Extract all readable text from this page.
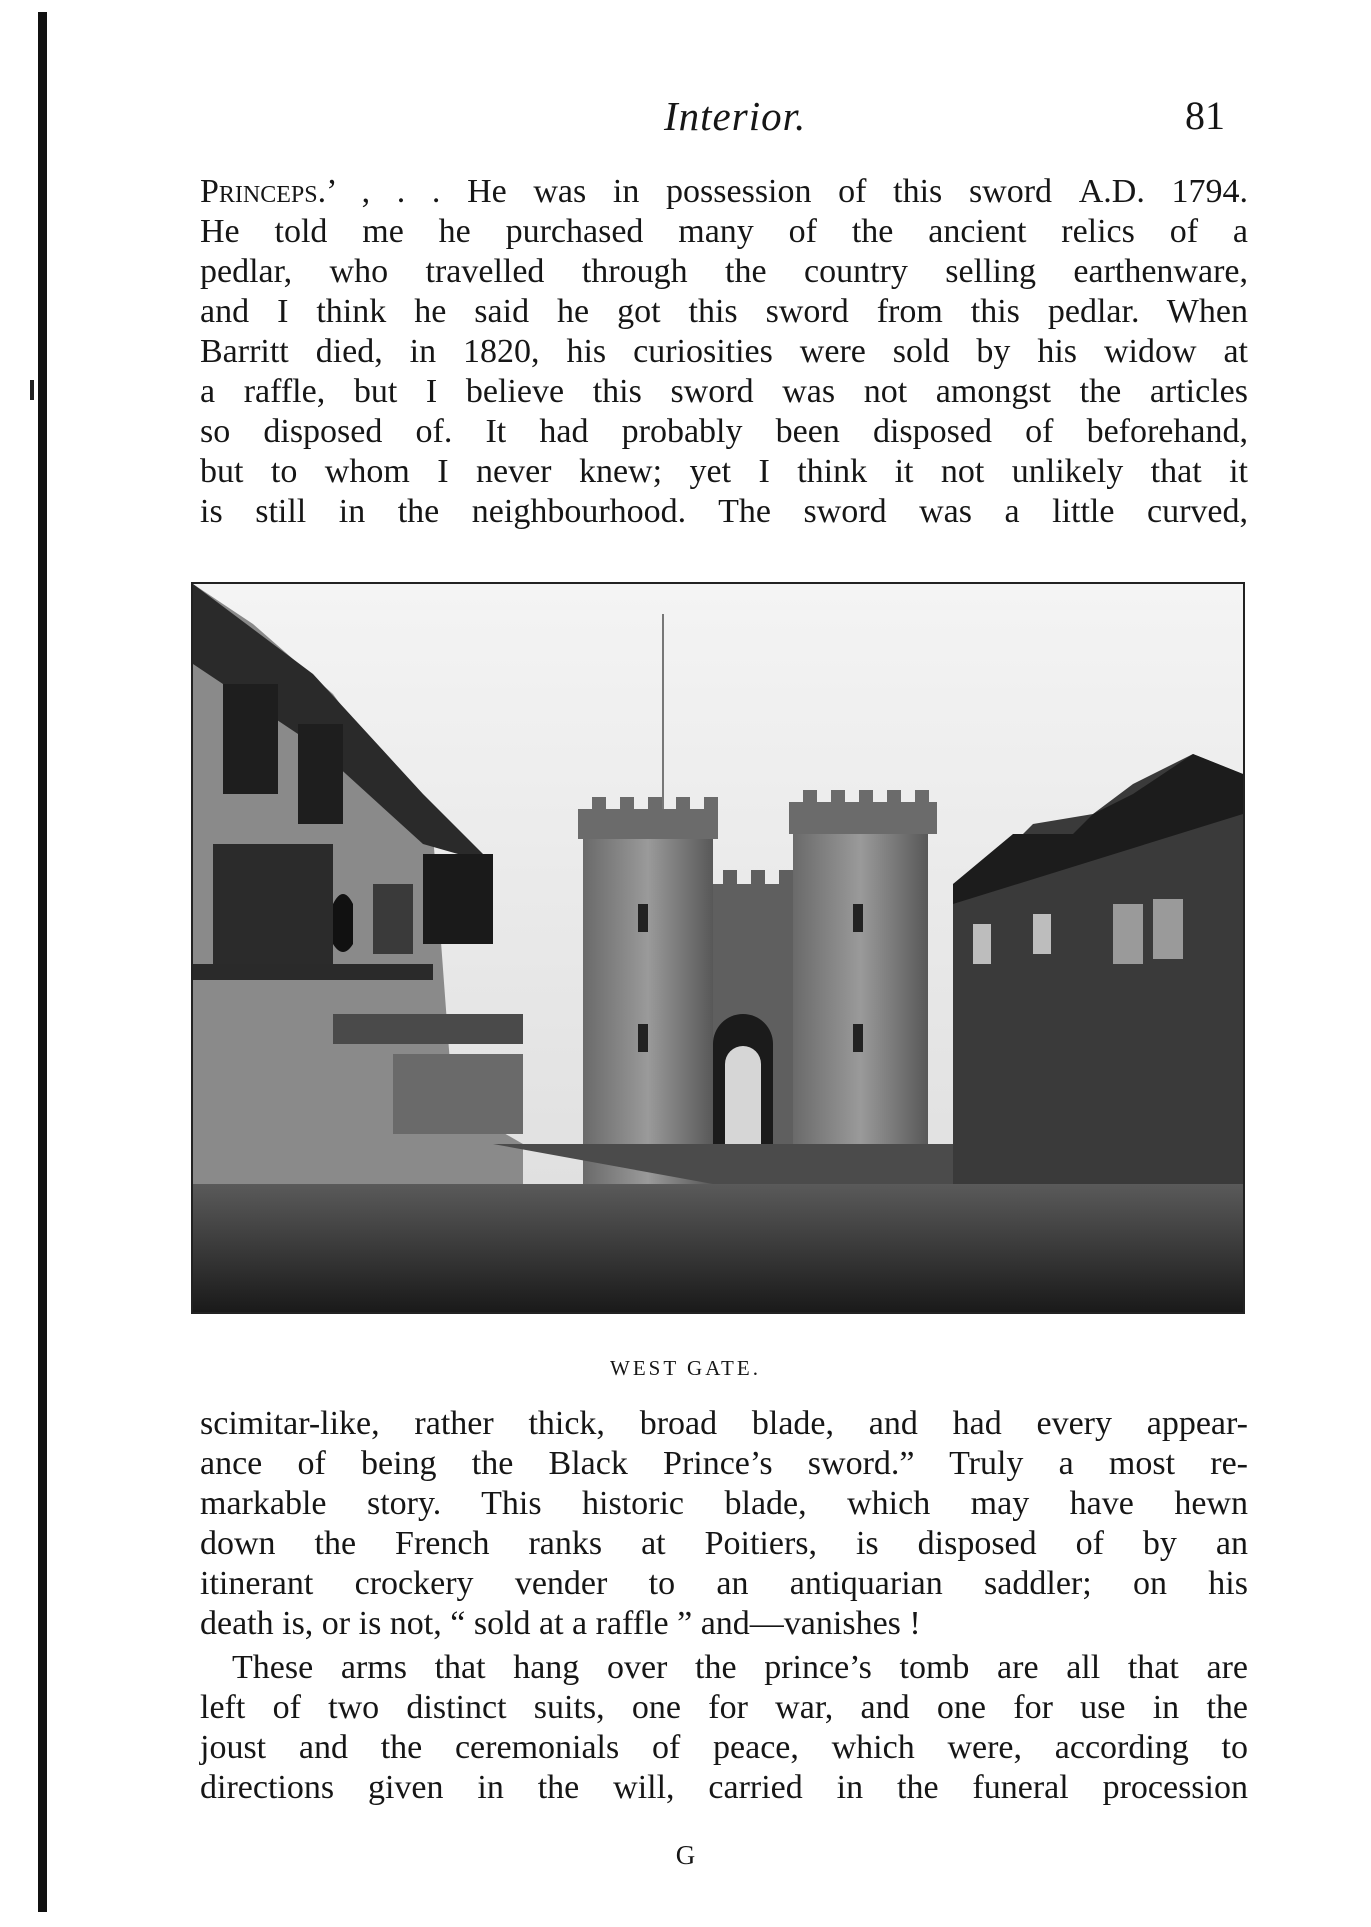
Interior.	81
Princeps.’ , . . He was in possession of this sword A.D. 1794.
He told me he purchased many of the ancient relics of a
pedlar, who travelled through the country selling earthenware,
and I think he said he got this sword from this pedlar. When
Barritt died, in 1820, his curiosities were sold by his widow at
a raffle, but I believe this sword was not amongst the articles
so disposed of. It had probably been disposed of beforehand,
but to whom I never knew; yet I think it not unlikely that it
is still in the neighbourhood. The sword was a little curved,
WEST GATE.
scimitar-like, rather thick, broad blade, and had every appear-
ance of being the Black Prince’s sword.” Truly a most re-
markable story. This historic blade, which may have hewn
down the French ranks at Poitiers, is disposed of by an
itinerant crockery vender to an antiquarian saddler; on his
death is, or is not, “ sold at a raffle ” and—vanishes !
These arms that hang over the prince’s tomb are all that are
left of two distinct suits, one for war, and one for use in the
joust and the ceremonials of peace, which were, according to
directions given in the will, carried in the funeral procession
G
